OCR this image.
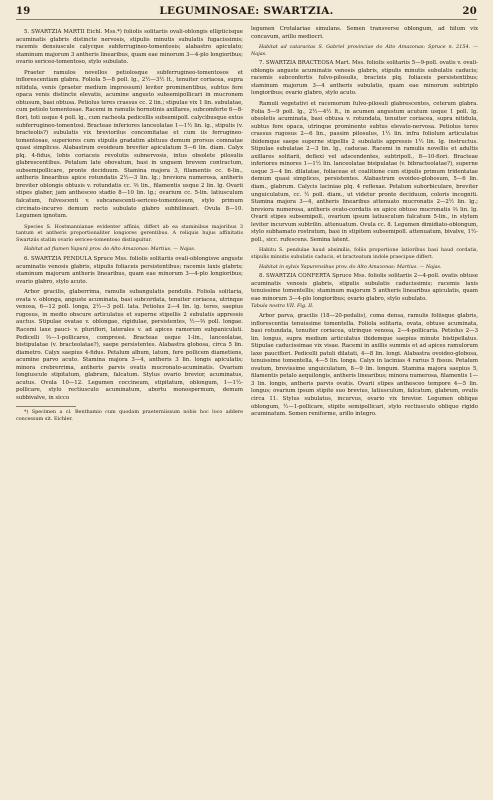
19	LEGUMINOSAE: SWARTZIA.	20
5. SWARTZIA MARTII Eichl. Mss.*) foliolis solitariis ovali-oblongis ellipticisque acuminatis glabris distincte nervosis, stipulis minutis subulatis fugacissimis; racemis densiuscule calycque subferrugineo-tomentosis; alabastro apiculato; staminum majorum 3 antheris linearibus, quam eae minorum 3—4-plo longioribus; ovario sericeo-tomentoso, stylo subulato.

Praeter ramulos novellos petiolosque subferrugineo-tomentosos et inflorescentiam glabra. Foliola 5—8 poll. lg., 2½—3½ lt., tenuiter coriacea, supra nitidula, venis (praeter medium impressum) leviter prominentibus, subtus fere opaca venis distincte elevatis, acumine angusto subsemipollicari in mucronem obtusum, basi obtusa. Petiolus teres crassus cc. 2 lin.; stipulae vix 1 lin. subulatae, cum petiolo tomentosae. Racemi in ramulis hornotinis axillares, subcomferte 6—8-flori, toti usque 4 poll. lg., cum racheola pedicellis subsemipoll. calycibusque extus subferrugineo-tomentosi. Bracteae inferiores lanceolatae 1—1½ lin. lg., stipulis (v. bracteolis?) subulatis vix breviorilus concomitatae et cum iis ferrugineo-tomentosae, superiores cum stipulis gradatim abituus demum prorsus comnatae quasi simplices. Alabastrum ovoideum breviter apiculatum 5—6 lin. diam. Calyx plq. 4-fidus, lobis coriaceis revolutis subnervosis, intus obsolete pilosulis glabrescentibus. Petalum late obovatum, basi in unguem brevem contractum, subsemipollicare, pronte deciduum. Stamina majora 3, filamentis cc. 6-lin., antheris linearibus apice rotundatis 2½—3 lin. lg.; breviora numerosa, antheris breviter oblongis obtusis v. rotundatis cc. ⅔ lin., filamentis usque 2 lin. lg. Ovarii stipes glaber, jam anthesceo stadio 8—10 lin. lg.; ovarium cc. 5-lin. latiusculum falcatum, fulvescenti v. subcanescenti-sericeo-tomentosum, stylo primum circinato-incurvo demum recto subulato glabro subbilineari. Ovula 8—10. Legumen ignotum.

Species S. Hostmannianae evidenter affinis, differt ab ea staminibus majoribus 3 tantum et antheris proportionaliter longiores gerentibus. A reliquis hujus affinitatis Swartziis statim ovario sericeo-tomentoso distinguitur.

Habitat ad flumen Yapurá prov. do Alto Amazonas: Martius. — Najas.

6. SWARTZIA PENDULA Spruce Mss. foliolis solitariis ovali-oblongisve anguste acuminatis venosis glabris, stipulis foliaceis persistentibus; racemis laxis glabris; staminum majorum antheris linearibus, quam eae minorum 3—4-plo longioribus; ovario glabro, stylo acuto.

Arbor gracilis, glaberrima, ramulis subangulatis pendulis. Foliola solitaria, ovata v. oblonga, anguste acuminata, basi subcordata, tenuiter coriacea, utrinque venosa, 6—12 poll. longa, 2½—3 poll. lata. Petiolus 2—4 lin. lg. teres, saepius rugosus, in medio obscure articulatus et superne stipellis 2 subulatis appressis auctus. Stipulae ovatae v. oblongae, rigidulae, persistentes, ½—⅔ poll. longae. Racemi laxe pauci- v. pluriflori, laterales v. ad apices ramorum subpaniculati. Pedicelli ⅔—1-pollicares, compressi. Bracteae usque 1-lin., lanceolatae, bistipulatae (v. bracteolatae?), saepe persistentes. Alabastra globosa, circa 5 lin. diametro. Calyx saepius 4-fidus. Petalum album, latum, fere pollicem diametiens, acumine parvo acuto. Stamina majora 3—4, antheris 3 lin. longis apiculatis; minora crebrerrima, antheris parvis ovatis mucronato-acuminatis. Ovarium longiuscule stipitatum, glabrum, falcatum. Stylus ovario brevior, acuminatus, acutus. Ovula 10—12. Legumen coccineum, stipitatum, oblongum, 1—1½-pollicare, stylo rectiusculo acuminatum, abortu monospermum, demum subbivalve, in sicco

*) Specimen a cl. Benthamio cum quodam praeterniissum nobis hoc loco addere concessum sit. Eichler.

legumen Crotalariae simulans. Semen transverse oblongum, ad hilum vix concavum, arillo mediocri.

Habitat ad cataractas S. Gabriel provinciae do Alto Amazonas: Spruce n. 2154. — Najas.

7. SWARTZIA BRACTEOSA Mart. Mss. foliolis solitariis 5—9-poll. ovatis v. ovali-oblongis anguste acuminatis venosis glabris, stipulis minutis subulatis caducis; racemis subconfertis fulvo-pilosulis, bracteis plq. foliaceis persistentibus; staminum majorum 3—4 antheris subulatis, quam eae minorum subtriplo longioribus; ovario glabro, stylo acuto.

Ramuli vegetativi et racemorum fulvo-pilosuli glabrescentes, ceterum glabra. Folia 5—9 poll. lg., 2½—4½ lt., in acumen angustum acutum usque 1 poll. lg. obsoletis acuminata, basi obtusa v. rotundata, tenuiter coriacea, supra nitidula, subtus fere opaca, utrinque prominente subtus elevato-nervosa. Petiolus teres crassus rugosus 2—6 lin., passim pilosulus, 1½ lin. infra foliolum articulatus ibidemque saepe superne stipellis 2 subulatis appressis 1½ lin. lg. instructus. Stipulae subulatae 2—3 lin. lg., caducae. Racemi in ramulis novellis et adultis axillares solitarii, deflexi vel adscendentes, subtripoll., 8—10-flori. Bracteae inferiores minores 1—1½ lin. lanceolatae bisipulatae (v. bibracteolatae?), superne usque 3—4 lin. dilatatae, foliaceae et coalitione cum stipulis primum tridentatae demum quasi simplices, persistentes. Alabastrum ovoideo-globosum, 5—6 lin. diam., glabrum. Calycis laciniae plq. 4 reflexae. Petalum suborbiculare, breviter unguiculatum, cc. ½ poll. diam., ut videtur pronte deciduum, coloris incogniti. Stamina majora 3—4, antheris linearibus attenuato mucronatis 2—2½ lin. lg.; breviora numerosa, antheris ovato-cordatis ex apice obtuso mucronatis ⅔ lin. lg. Ovarii stipes subsemipoll., ovarium ipsum latiusculum falcatum 5-lin., in stylum leviter incurvum subtrilin. attenuatum. Ovula cc. 8. Legumen dimidiato-oblongum, stylo subhamato rostratum, basi in stipitem subsemipoll. attenuatum, bivalve, 1½-poll., sicc. rufescens. Semina latent.

Habitu S. pendulae haud absimilis, foliis proportione latioribus basi haud cordatis, stipulis minutis subulatis caducis, et bracteatum indole praecipue differt.

Habitat in sylvis Yapurensibus prov. do Alto Amazonas: Martius. — Najas.

8. SWARTZIA CONFERTA Spruce Mss. foliolis solitariis 2—4-poll. ovatis obtuse acuminatis venosis glabris, stipulis subulatis caducissimis; racemis laxis tenuissime tomentellis; staminum majorum 5 antheris linearibus apiculatis, quam eae minorum 3—4-plo longioribus; ovario glabro, stylo subulato.

Tabula nostra VII. Fig. II.

Arbor parva, gracilis (18—20-pedalis), coma densa, ramulis foliisque glabris, inflorescentia tenuissime tomentella. Foliola solitaria, ovata, obtuse acuminata, basi rotundata, tenuiter coriacea, utrinque venosa, 2—4-pollicaria. Petiolus 2—3 lin. longus, supra medium articulatus ibidemque saepius minute bistipellatus. Stipulae caducissimae vix visae. Racemi in axillis summis et ad apices ramulorum laxe pauciflori. Pedicelli patuli dilatati, 4—8 lin. longi. Alabastra ovoideo-globosa, tenuissime tomentella, 4—5 lin. longa. Calyx in lacinias 4 rarius 5 fissus. Petalum ovatum, brevissime unguiculatum, 8—9 lin. longum. Stamina majora saepius 5, filamentis petalo aequilongis, antheris linearibus; minora numerosa, filamentis 1—3 lin. longis, antheris parvis ovatis. Ovarii stipes anthesceo tempore 4—5 lin. longus; ovarium ipsum stipite suo brevius, latiusculum, falcatum, glabrum, ovulis circa 11. Stylus subulatus, incurvus, ovario vix brevior. Legumen oblique oblongum, ½—1-pollicare, stipite semipollicari, stylo rectiusculo obliquo rigido acuminatum. Semen reniforme, arillo integro.
